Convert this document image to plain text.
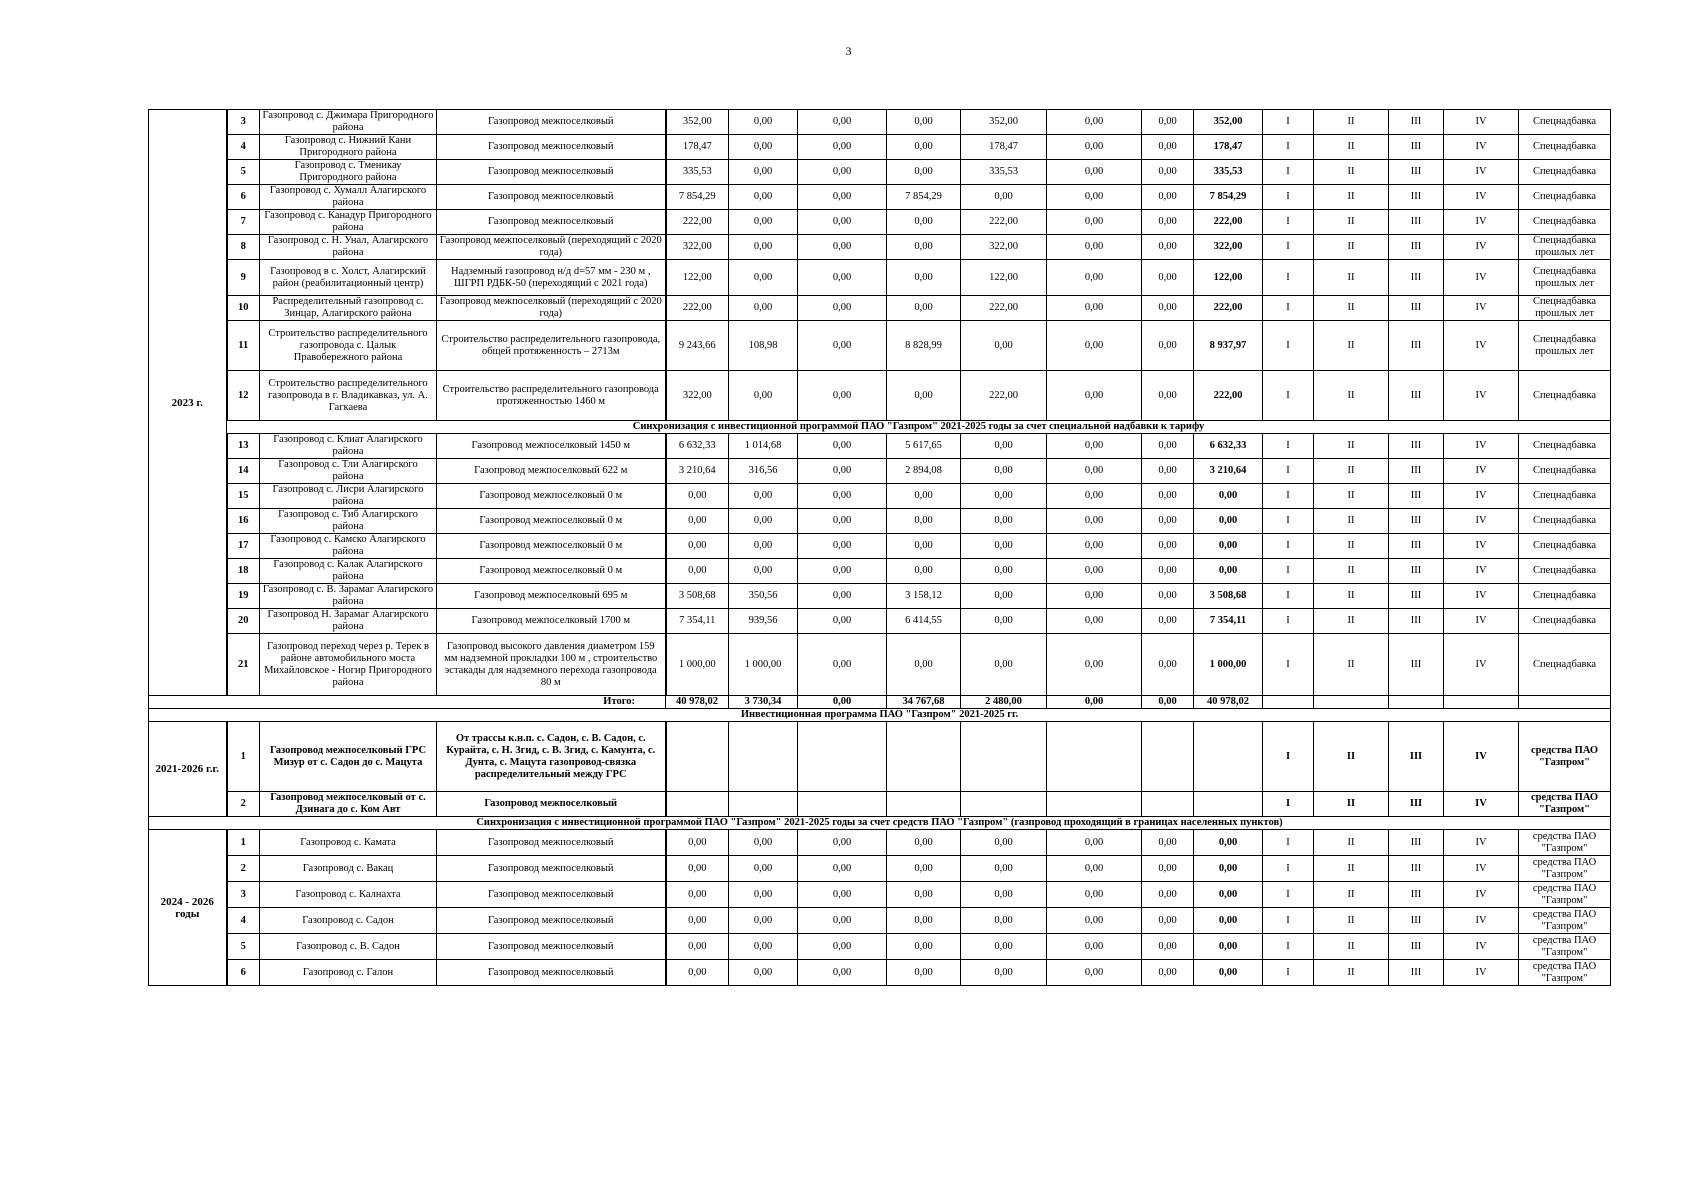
3
2023 г.	3	Газопровод с. Джимара Пригородного района	Газопровод межпоселковый	352,00	0,00	0,00	0,00	352,00	0,00	0,00	352,00	I	II	III	IV	Спецнадбавка
	4	Газопровод с. Нижний Кани Пригородного района	Газопровод межпоселковый	178,47	0,00	0,00	0,00	178,47	0,00	0,00	178,47	I	II	III	IV	Спецнадбавка
	5	Газопровод с. Тменикау Пригородного района	Газопровод межпоселковый	335,53	0,00	0,00	0,00	335,53	0,00	0,00	335,53	I	II	III	IV	Спецнадбавка
	6	Газопровод с. Хумалл Алагирского района	Газопровод межпоселковый	7 854,29	0,00	0,00	7 854,29	0,00	0,00	0,00	7 854,29	I	II	III	IV	Спецнадбавка
	7	Газопровод с. Канадур Пригородного района	Газопровод межпоселковый	222,00	0,00	0,00	0,00	222,00	0,00	0,00	222,00	I	II	III	IV	Спецнадбавка
	8	Газопровод с. Н. Унал, Алагирского района	Газопровод межпоселковый (переходящий с 2020 года)	322,00	0,00	0,00	0,00	322,00	0,00	0,00	322,00	I	II	III	IV	Спецнадбавка прошлых лет
	9	Газопровод в с. Холст, Алагирский район (реабилитационный центр)	Надземный газопровод н/д d=57 мм - 230 м , ШГРП РДБК-50 (переходящий с 2021 года)	122,00	0,00	0,00	0,00	122,00	0,00	0,00	122,00	I	II	III	IV	Спецнадбавка прошлых лет
	10	Распределительный газопровод с. Зинцар, Алагирского района	Газопровод межпоселковый (переходящий с 2020 года)	222,00	0,00	0,00	0,00	222,00	0,00	0,00	222,00	I	II	III	IV	Спецнадбавка прошлых лет
	11	Строительство распределительного газопровода с. Цалык Правобережного района	Строительство распределительного газопровода, общей протяженность – 2713м	9 243,66	108,98	0,00	8 828,99	0,00	0,00	0,00	8 937,97	I	II	III	IV	Спецнадбавка прошлых лет
	12	Строительство распределительного газопровода в г. Владикавказ, ул. А. Гагкаева	Строительство распределительного газопровода протяженностью 1460 м	322,00	0,00	0,00	0,00	222,00	0,00	0,00	222,00	I	II	III	IV	Спецнадбавка
	Синхронизация с инвестиционной программой ПАО "Газпром" 2021-2025 годы за счет специальной надбавки к тарифу															
	13	Газопровод с. Клиат Алагирского района	Газопровод межпоселковый 1450 м	6 632,33	1 014,68	0,00	5 617,65	0,00	0,00	0,00	6 632,33	I	II	III	IV	Спецнадбавка
	14	Газопровод с. Тли Алагирского района	Газопровод межпоселковый 622 м	3 210,64	316,56	0,00	2 894,08	0,00	0,00	0,00	3 210,64	I	II	III	IV	Спецнадбавка
	15	Газопровод с. Лисри Алагирского района	Газопровод межпоселковый 0 м	0,00	0,00	0,00	0,00	0,00	0,00	0,00	0,00	I	II	III	IV	Спецнадбавка
	16	Газопровод с. Тиб Алагирского района	Газопровод межпоселковый 0 м	0,00	0,00	0,00	0,00	0,00	0,00	0,00	0,00	I	II	III	IV	Спецнадбавка
	17	Газопровод с. Камско Алагирского района	Газопровод межпоселковый 0 м	0,00	0,00	0,00	0,00	0,00	0,00	0,00	0,00	I	II	III	IV	Спецнадбавка
	18	Газопровод с. Калак Алагирского района	Газопровод межпоселковый 0 м	0,00	0,00	0,00	0,00	0,00	0,00	0,00	0,00	I	II	III	IV	Спецнадбавка
	19	Газопровод с. В. Зарамаг Алагирского района	Газопровод межпоселковый 695 м	3 508,68	350,56	0,00	3 158,12	0,00	0,00	0,00	3 508,68	I	II	III	IV	Спецнадбавка
	20	Газопровод Н. Зарамаг Алагирского района	Газопровод межпоселковый 1700 м	7 354,11	939,56	0,00	6 414,55	0,00	0,00	0,00	7 354,11	I	II	III	IV	Спецнадбавка
	21	Газопровод переход через р. Терек в районе автомобильного моста Михайловское - Ногир Пригородного района	Газопровод высокого давления диаметром 159 мм надземной прокладки 100 м , строительство эстакады для надземного перехода газопровода 80 м	1 000,00	1 000,00	0,00	0,00	0,00	0,00	0,00	1 000,00	I	II	III	IV	Спецнадбавка
Итого:				40 978,02	3 730,34	0,00	34 767,68	2 480,00	0,00	0,00	40 978,02					
Инвестиционная программа ПАО "Газпром" 2021-2025 гг.																
2021-2026 г.г.	1	Газопровод межпоселковый ГРС Мизур от с. Садон до с. Мацута	От трассы к.н.п. с. Садон, с. В. Садон, с. Курайта, с. Н. Згид, с. В. Згид, с. Камунта, с. Дунта, с. Мацута газопровод-связка распределительный между ГРС									I	II	III	IV	средства ПАО "Газпром"
	2	Газопровод межпоселковый от с. Дзинага до с. Ком Авт	Газопровод межпоселковый									I	II	III	IV	средства ПАО "Газпром"
Синхронизация с инвестиционной программой ПАО "Газпром" 2021-2025 годы за счет средств ПАО "Газпром" (газпровод проходящий в границах населенных пунктов)																
2024 - 2026 годы	1	Газопровод с. Камата	Газопровод межпоселковый	0,00	0,00	0,00	0,00	0,00	0,00	0,00	0,00	I	II	III	IV	средства ПАО "Газпром"
	2	Газопровод с. Вакац	Газопровод межпоселковый	0,00	0,00	0,00	0,00	0,00	0,00	0,00	0,00	I	II	III	IV	средства ПАО "Газпром"
	3	Газопровод с. Калнахта	Газопровод межпоселковый	0,00	0,00	0,00	0,00	0,00	0,00	0,00	0,00	I	II	III	IV	средства ПАО "Газпром"
	4	Газопровод с. Садон	Газопровод межпоселковый	0,00	0,00	0,00	0,00	0,00	0,00	0,00	0,00	I	II	III	IV	средства ПАО "Газпром"
	5	Газопровод с. В. Садон	Газопровод межпоселковый	0,00	0,00	0,00	0,00	0,00	0,00	0,00	0,00	I	II	III	IV	средства ПАО "Газпром"
	6	Газопровод с. Галон	Газопровод межпоселковый	0,00	0,00	0,00	0,00	0,00	0,00	0,00	0,00	I	II	III	IV	средства ПАО "Газпром"
